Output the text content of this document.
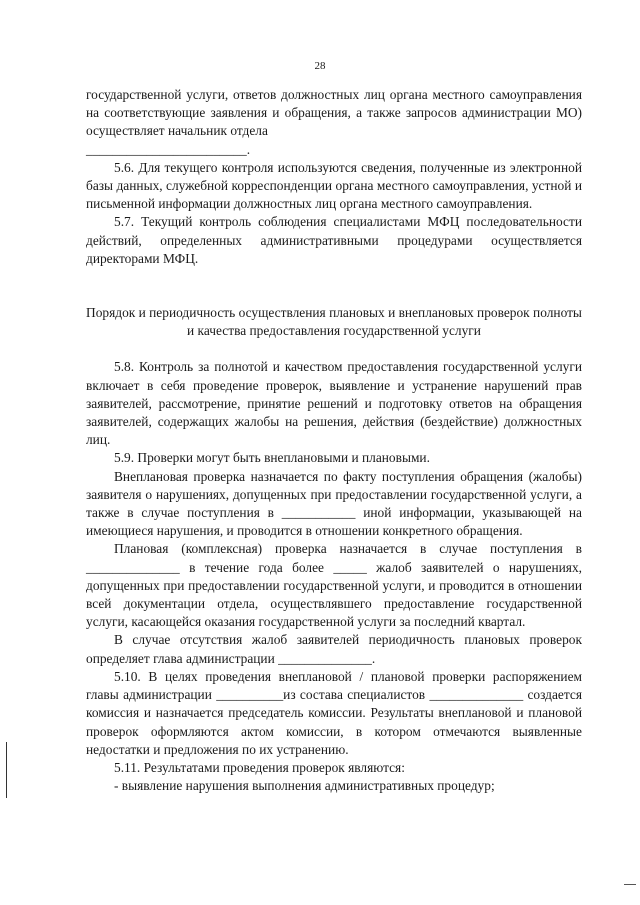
28

государственной услуги, ответов должностных лиц органа местного самоуправления на соответствующие заявления и обращения, а также запросов администрации МО) осуществляет начальник отдела

________________________.

5.6. Для текущего контроля используются сведения, полученные из электронной базы данных, служебной корреспонденции органа местного самоуправления, устной и письменной информации должностных лиц органа местного самоуправления.

5.7. Текущий контроль соблюдения специалистами МФЦ последовательности действий, определенных административными процедурами осуществляется директорами МФЦ.

Порядок и периодичность осуществления плановых и внеплановых проверок полноты и качества предоставления государственной услуги

5.8. Контроль за полнотой и качеством предоставления государственной услуги включает в себя проведение проверок, выявление и устранение нарушений прав заявителей, рассмотрение, принятие решений и подготовку ответов на обращения заявителей, содержащих жалобы на решения, действия (бездействие) должностных лиц.

5.9. Проверки могут быть внеплановыми и плановыми.

Внеплановая проверка назначается по факту поступления обращения (жалобы) заявителя о нарушениях, допущенных при предоставлении государственной услуги, а также в случае поступления в ___________ иной информации, указывающей на имеющиеся нарушения, и проводится в отношении конкретного обращения.

Плановая (комплексная) проверка назначается в случае поступления в ______________ в течение года более _____ жалоб заявителей о нарушениях, допущенных при предоставлении государственной услуги, и проводится в отношении всей документации отдела, осуществлявшего предоставление государственной услуги, касающейся оказания государственной услуги за последний квартал.

В случае отсутствия жалоб заявителей периодичность плановых проверок определяет глава администрации ______________.

5.10. В целях проведения внеплановой / плановой проверки распоряжением главы администрации __________из состава специалистов ______________ создается комиссия и назначается председатель комиссии. Результаты внеплановой и плановой проверок оформляются актом комиссии, в котором отмечаются выявленные недостатки и предложения по их устранению.

5.11. Результатами проведения проверок являются:

- выявление нарушения выполнения административных процедур;
